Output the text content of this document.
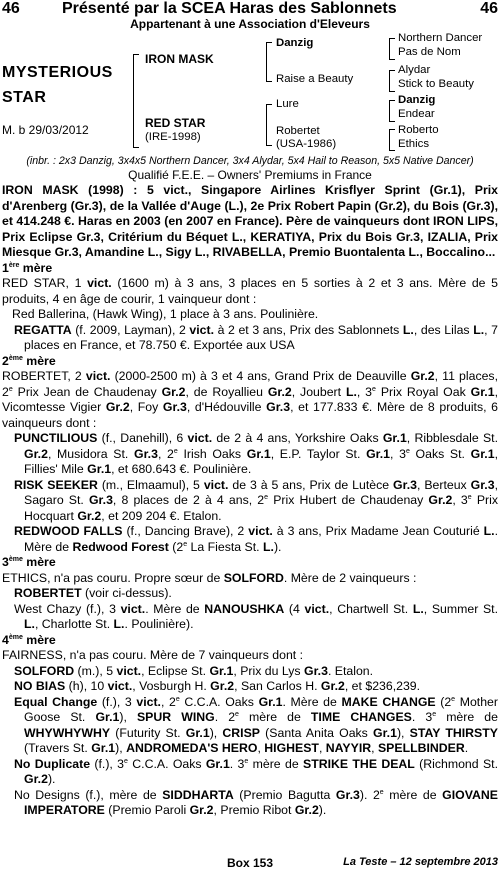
46	Présenté par la SCEA Haras des Sablonnets	46
Appartenant à une Association d'Eleveurs
MYSTERIOUS
STAR
M. b 29/03/2012
IRON MASK
RED STAR
(IRE-1998)
Danzig
Raise a Beauty
Lure
Robertet
(USA-1986)
Northern Dancer
Pas de Nom
Alydar
Stick to Beauty
Danzig
Endear
Roberto
Ethics
(inbr. : 2x3 Danzig, 3x4x5 Northern Dancer, 3x4 Alydar, 5x4 Hail to Reason, 5x5 Native Dancer)
Qualifié F.E.E. – Owners' Premiums in France

IRON MASK (1998) : 5 vict., Singapore Airlines Krisflyer Sprint (Gr.1), Prix d'Arenberg (Gr.3), de la Vallée d'Auge (L.), 2e Prix Robert Papin (Gr.2), du Bois (Gr.3), et 414.248 €. Haras en 2003 (en 2007 en France). Père de vainqueurs dont IRON LIPS, Prix Eclipse Gr.3, Critérium du Béquet L., KERATIYA, Prix du Bois Gr.3, IZALIA, Prix Miesque Gr.3, Amandine L., Sigy L., RIVABELLA, Premio Buontalenta L., Boccalino...

1ère mère

RED STAR, 1 vict. (1600 m) à 3 ans, 3 places en 5 sorties à 2 et 3 ans. Mère de 5 produits, 4 en âge de courir, 1 vainqueur dont :

Red Ballerina, (Hawk Wing), 1 place à 3 ans. Poulinière.

REGATTA (f. 2009, Layman), 2 vict. à 2 et 3 ans, Prix des Sablonnets L., des Lilas L., 7 places en France, et 78.750 €. Exportée aux USA

2ème mère

ROBERTET, 2 vict. (2000-2500 m) à 3 et 4 ans, Grand Prix de Deauville Gr.2, 11 places, 2e Prix Jean de Chaudenay Gr.2, de Royallieu Gr.2, Joubert L., 3e Prix Royal Oak Gr.1, Vicomtesse Vigier Gr.2, Foy Gr.3, d'Hédouville Gr.3, et 177.833 €. Mère de 8 produits, 6 vainqueurs dont :

PUNCTILIOUS (f., Danehill), 6 vict. de 2 à 4 ans, Yorkshire Oaks Gr.1, Ribblesdale St. Gr.2, Musidora St. Gr.3, 2e Irish Oaks Gr.1, E.P. Taylor St. Gr.1, 3e Oaks St. Gr.1, Fillies' Mile Gr.1, et 680.643 €. Poulinière.

RISK SEEKER (m., Elmaamul), 5 vict. de 3 à 5 ans, Prix de Lutèce Gr.3, Berteux Gr.3, Sagaro St. Gr.3, 8 places de 2 à 4 ans, 2e Prix Hubert de Chaudenay Gr.2, 3e Prix Hocquart Gr.2, et 209 204 €. Etalon.

REDWOOD FALLS (f., Dancing Brave), 2 vict. à 3 ans, Prix Madame Jean Couturié L.. Mère de Redwood Forest (2e La Fiesta St. L.).

3ème mère

ETHICS, n'a pas couru. Propre sœur de SOLFORD. Mère de 2 vainqueurs :

ROBERTET (voir ci-dessus).

West Chazy (f.), 3 vict.. Mère de NANOUSHKA (4 vict., Chartwell St. L., Summer St. L., Charlotte St. L.. Poulinière).

4ème mère

FAIRNESS, n'a pas couru. Mère de 7 vainqueurs dont :

SOLFORD (m.), 5 vict., Eclipse St. Gr.1, Prix du Lys Gr.3. Etalon.

NO BIAS (h), 10 vict., Vosburgh H. Gr.2, San Carlos H. Gr.2, et $236,239.

Equal Change (f.), 3 vict., 2e C.C.A. Oaks Gr.1. Mère de MAKE CHANGE (2e Mother Goose St. Gr.1), SPUR WING. 2e mère de TIME CHANGES. 3e mère de WHYWHYWHY (Futurity St. Gr.1), CRISP (Santa Anita Oaks Gr.1), STAY THIRSTY (Travers St. Gr.1), ANDROMEDA'S HERO, HIGHEST, NAYYIR, SPELLBINDER.

No Duplicate (f.), 3e C.C.A. Oaks Gr.1. 3e mère de STRIKE THE DEAL (Richmond St. Gr.2).

No Designs (f.), mère de SIDDHARTA (Premio Bagutta Gr.3). 2e mère de GIOVANE IMPERATORE (Premio Paroli Gr.2, Premio Ribot Gr.2).

Box 153	La Teste – 12 septembre 2013
